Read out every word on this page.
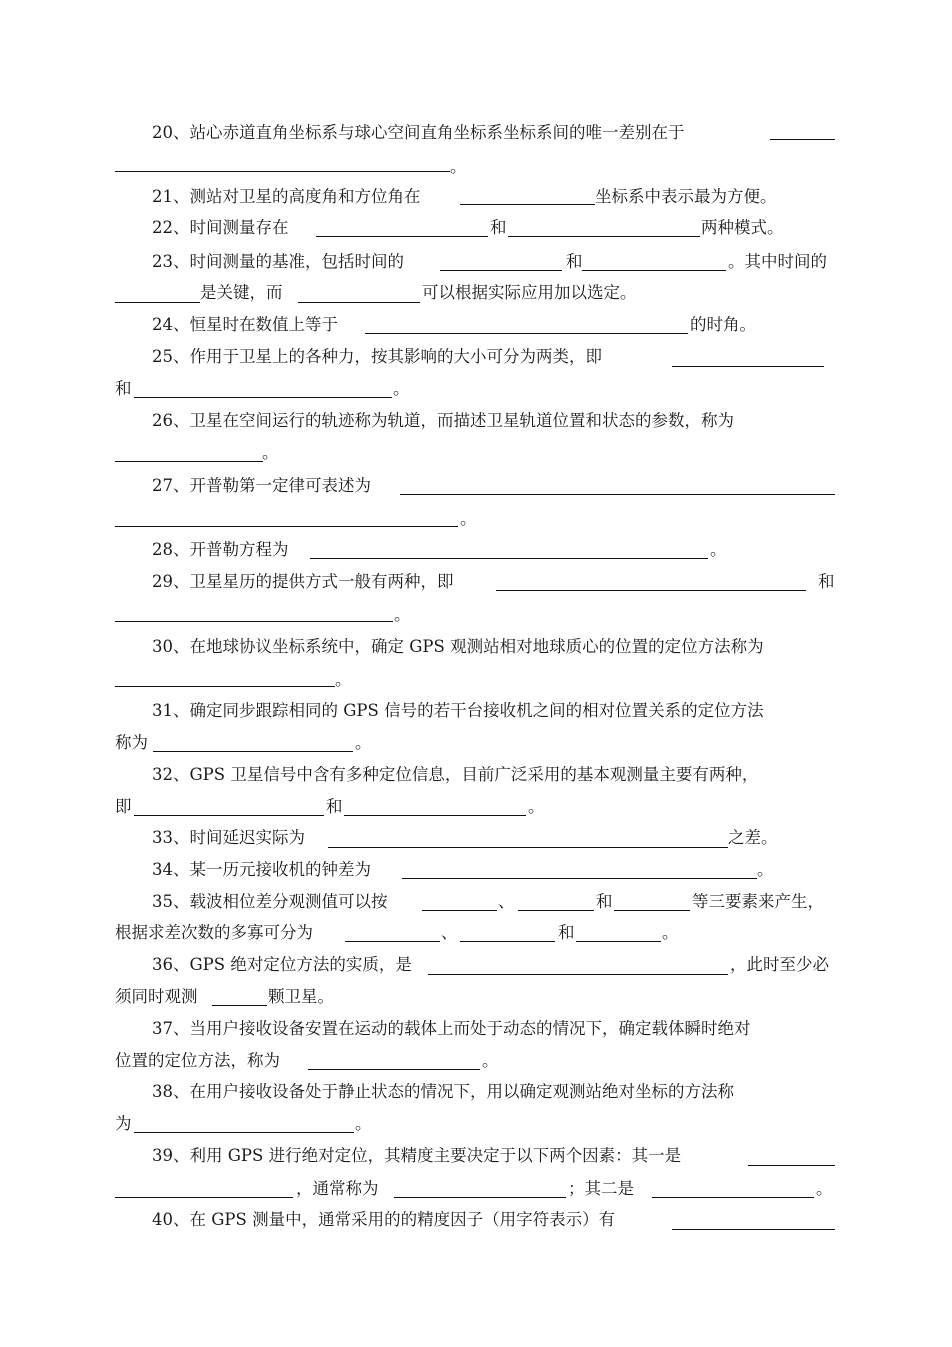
20、站心赤道直角坐标系与球心空间直角坐标系坐标系间的唯一差别在于
。
21、测站对卫星的高度角和方位角在	坐标系中表示最为方便。
22、时间测量存在	和	两种模式。
23、时间测量的基准，包括时间的	和	。其中时间的
是关键，而	可以根据实际应用加以选定。
24、恒星时在数值上等于	的时角。
25、作用于卫星上的各种力，按其影响的大小可分为两类，即
和	。
26、卫星在空间运行的轨迹称为轨道，而描述卫星轨道位置和状态的参数，称为
。
27、开普勒第一定律可表述为
。
28、开普勒方程为	。
29、卫星星历的提供方式一般有两种，即	和
。
30、在地球协议坐标系统中，确定 GPS 观测站相对地球质心的位置的定位方法称为
。
31、确定同步跟踪相同的 GPS 信号的若干台接收机之间的相对位置关系的定位方法
称为	。
32、GPS 卫星信号中含有多种定位信息，目前广泛采用的基本观测量主要有两种，
即	和	。
33、时间延迟实际为	之差。
34、某一历元接收机的钟差为	。
35、载波相位差分观测值可以按	、	和	等三要素来产生，
根据求差次数的多寡可分为	、	和	。
36、GPS 绝对定位方法的实质，是	，此时至少必
须同时观测	颗卫星。
37、当用户接收设备安置在运动的载体上而处于动态的情况下，确定载体瞬时绝对
位置的定位方法，称为	。
38、在用户接收设备处于静止状态的情况下，用以确定观测站绝对坐标的方法称
为	。
39、利用 GPS 进行绝对定位，其精度主要决定于以下两个因素：其一是
，通常称为	；其二是	。
40、在 GPS 测量中，通常采用的的精度因子（用字符表示）有
